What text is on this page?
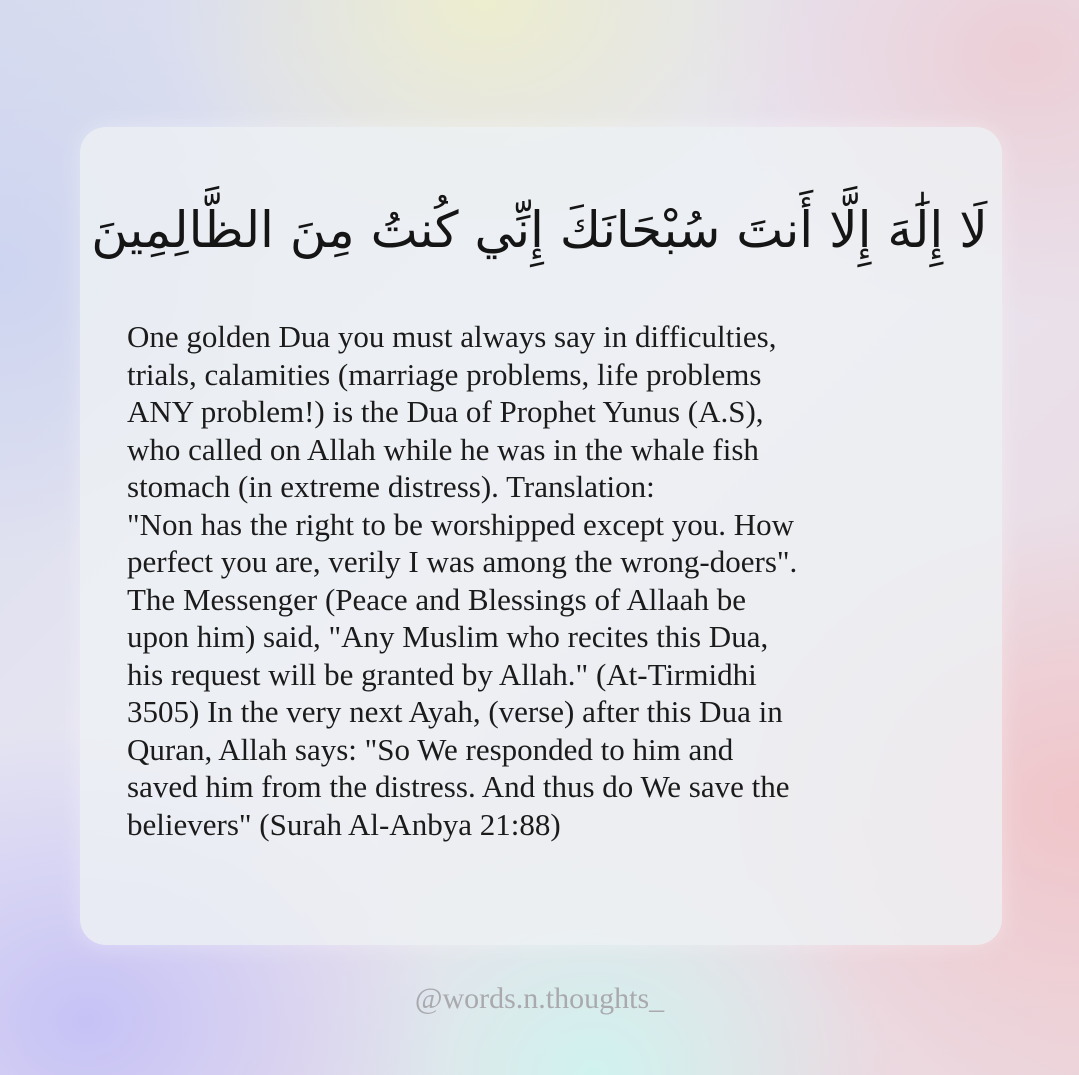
لَا إِلَٰهَ إِلَّا أَنتَ سُبْحَانَكَ إِنِّي كُنتُ مِنَ الظَّالِمِينَ

One golden Dua you must always say in difficulties,
trials, calamities (marriage problems, life problems
ANY problem!) is the Dua of Prophet Yunus (A.S),
who called on Allah while he was in the whale fish
stomach (in extreme distress). Translation:
"Non has the right to be worshipped except you. How
perfect you are, verily I was among the wrong-doers".
The Messenger (Peace and Blessings of Allaah be
upon him) said, "Any Muslim who recites this Dua,
his request will be granted by Allah." (At-Tirmidhi
3505) In the very next Ayah, (verse) after this Dua in
Quran, Allah says: "So We responded to him and
saved him from the distress. And thus do We save the
believers" (Surah Al-Anbya 21:88)

@words.n.thoughts_
